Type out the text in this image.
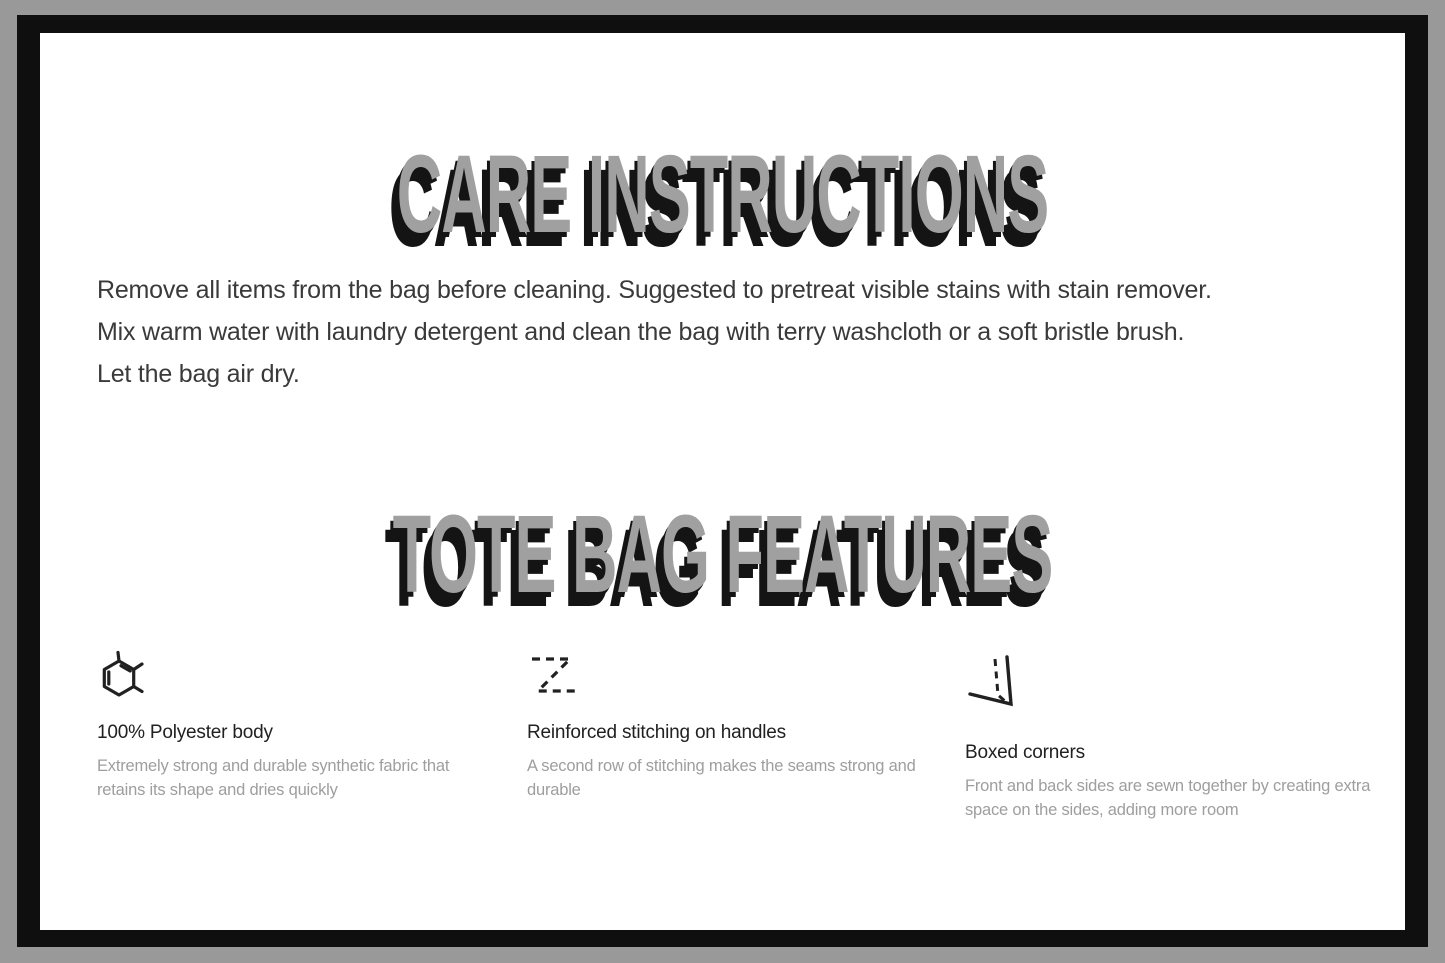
CARE INSTRUCTIONS
Remove all items from the bag before cleaning. Suggested to pretreat visible stains with stain remover.
Mix warm water with laundry detergent and clean the bag with terry washcloth or a soft bristle brush.
Let the bag air dry.
TOTE BAG FEATURES
100% Polyester body
Extremely strong and durable synthetic fabric that
retains its shape and dries quickly
Reinforced stitching on handles
A second row of stitching makes the seams strong and
durable
Boxed corners
Front and back sides are sewn together by creating extra
space on the sides, adding more room
